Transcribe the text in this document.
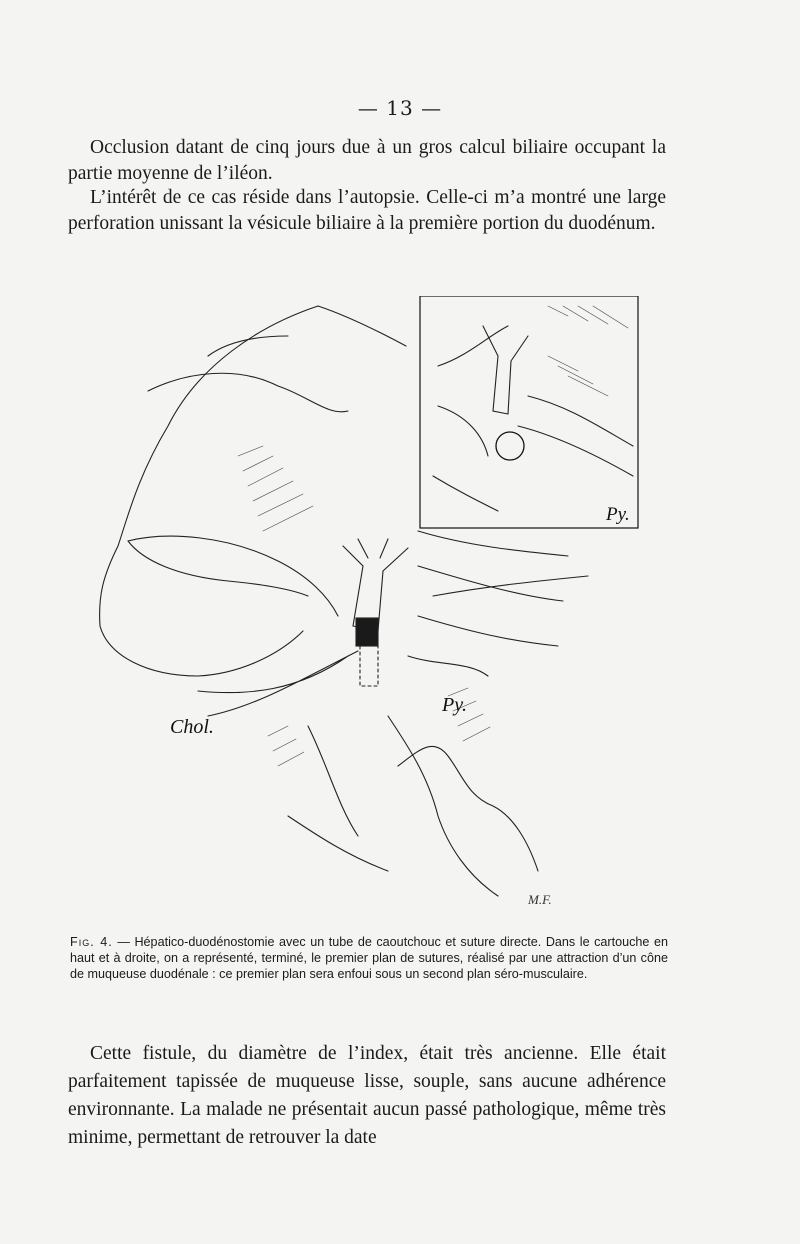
— 13 —

Occlusion datant de cinq jours due à un gros calcul biliaire occupant la partie moyenne de l’iléon.

L’intérêt de ce cas réside dans l’autopsie. Celle-ci m’a montré une large perforation unissant la vésicule biliaire à la première portion du duodénum.

Chol.
Py.
Py.
M.F.

Fig. 4. — Hépatico-duodénostomie avec un tube de caoutchouc et suture directe. Dans le cartouche en haut et à droite, on a représenté, terminé, le premier plan de sutures, réalisé par une attraction d’un cône de muqueuse duodénale : ce premier plan sera enfoui sous un second plan séro-musculaire.

Cette fistule, du diamètre de l’index, était très ancienne. Elle était parfaitement tapissée de muqueuse lisse, souple, sans aucune adhérence environnante. La malade ne présentait aucun passé pathologique, même très minime, permettant de retrouver la date
